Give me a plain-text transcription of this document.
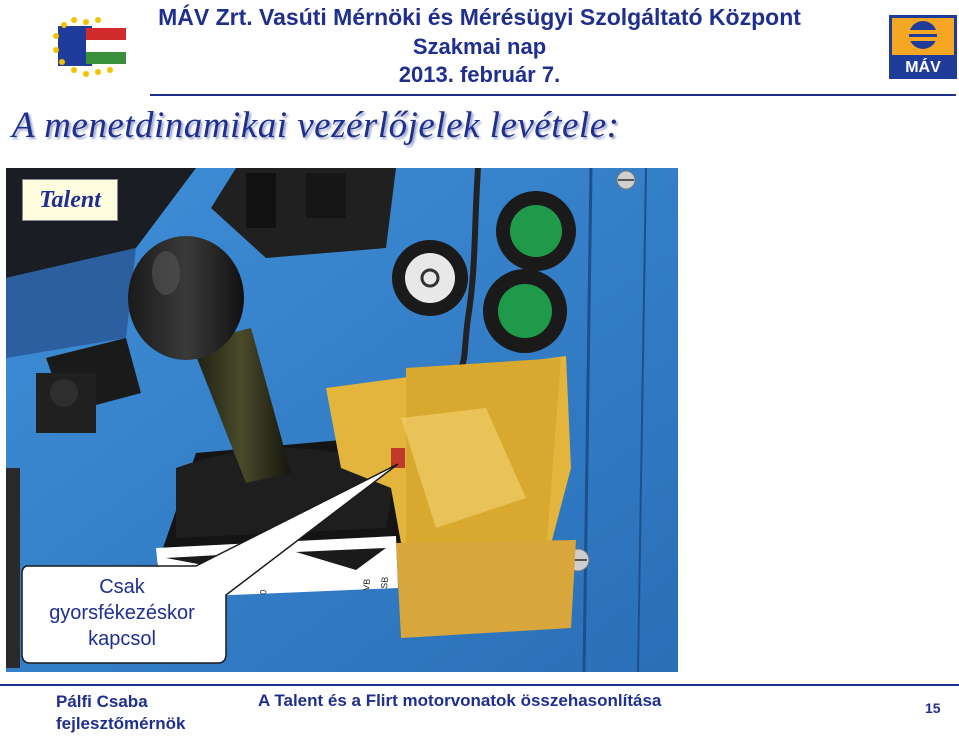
MÁV Zrt. Vasúti Mérnöki és Mérésügyi Szolgáltató Központ
Szakmai nap
2013. február 7.	MÁV
A menetdinamikai vezérlőjelek levétele:
0
VB SB
Talent
Csak
gyorsfékezéskor
kapcsol
Pálfi Csaba
fejlesztőmérnök
A Talent és a Flirt motorvonatok összehasonlítása	15
